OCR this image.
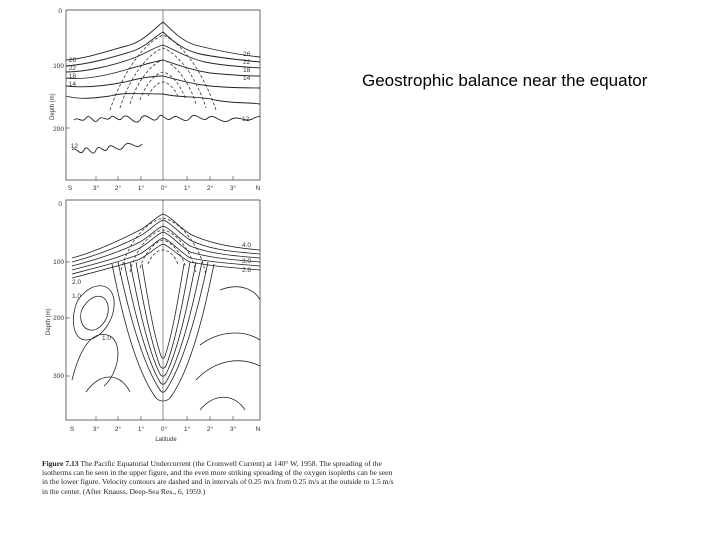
Geostrophic balance near the equator
0
100
200
Depth (m)
26
22
18
14
12
26
22
18
14
12
S	3° 2°	1°	0°	1°	2°	3°	N
0
100
200
300
Depth (m)
4.0
3.0
2.6
2.0
1.0
1.0
S	3° 2°	1°	0°	1°	2°	3°	N
Latitude
Figure 7.13 The Pacific Equatorial Undercurrent (the Cromwell Current) at 140° W, 1958. The spreading of the isotherms can be seen in the upper figure, and the even more striking spreading of the oxygen isopleths can be seen in the lower figure. Velocity contours are dashed and in intervals of 0.25 m/s from 0.25 m/s at the outside to 1.5 m/s in the center. (After Knauss, Deep-Sea Res., 6, 1959.)
